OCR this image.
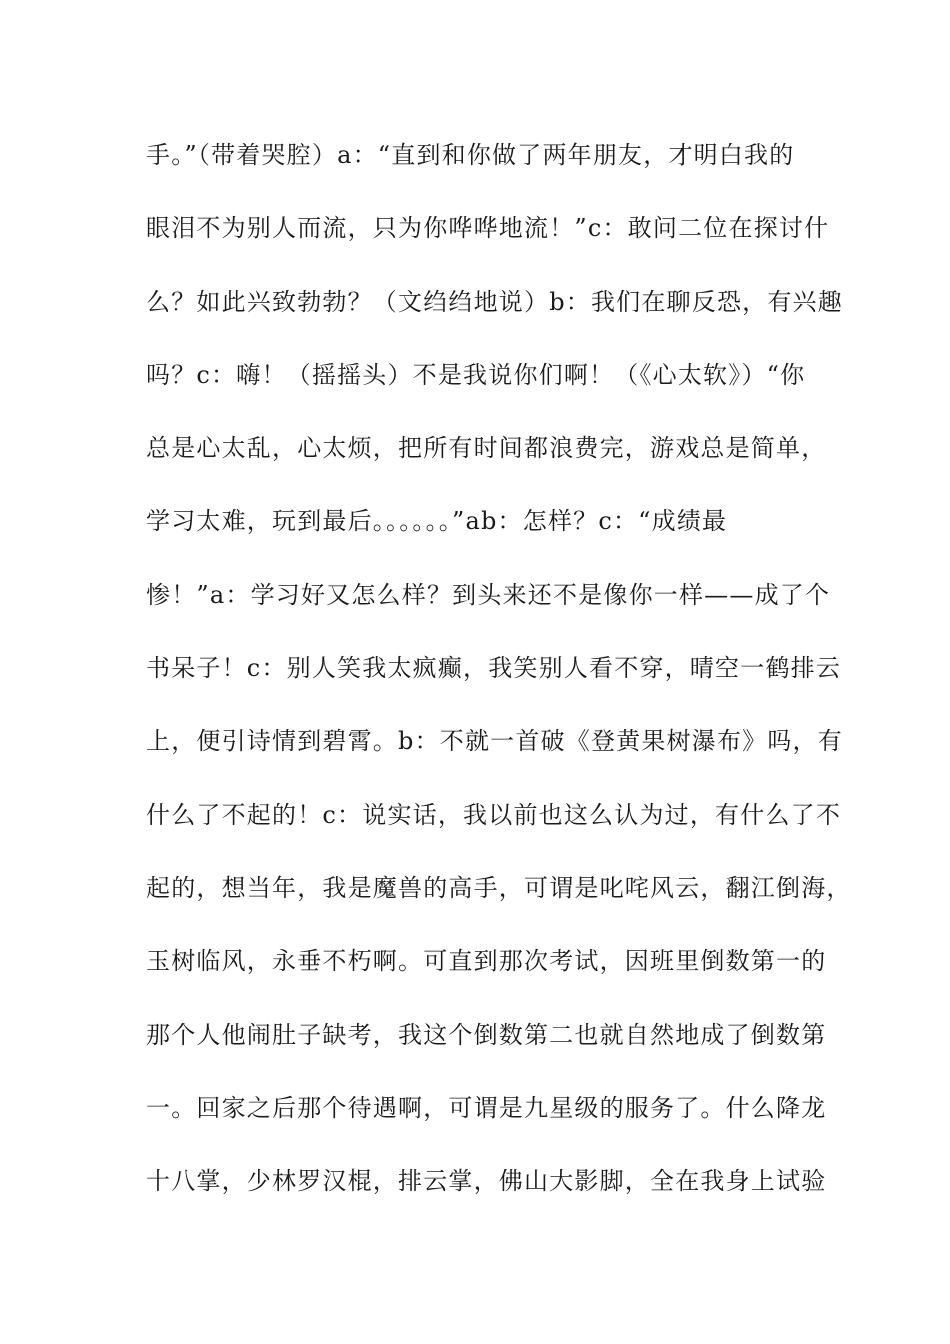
手。”（带着哭腔）a：“直到和你做了两年朋友，才明白我的
眼泪不为别人而流，只为你哗哗地流！”c：敢问二位在探讨什
么？如此兴致勃勃？（文绉绉地说）b：我们在聊反恐，有兴趣
吗？c：嗨！（摇摇头）不是我说你们啊！（《心太软》）“你
总是心太乱，心太烦，把所有时间都浪费完，游戏总是简单，
学习太难，玩到最后。。。。。。”ab：怎样？c：“成绩最
惨！”a：学习好又怎么样？到头来还不是像你一样——成了个
书呆子！c：别人笑我太疯癫，我笑别人看不穿，晴空一鹤排云
上，便引诗情到碧霄。b：不就一首破《登黄果树瀑布》吗，有
什么了不起的！c：说实话，我以前也这么认为过，有什么了不
起的，想当年，我是魔兽的高手，可谓是叱咤风云，翻江倒海，
玉树临风，永垂不朽啊。可直到那次考试，因班里倒数第一的
那个人他闹肚子缺考，我这个倒数第二也就自然地成了倒数第
一。回家之后那个待遇啊，可谓是九星级的服务了。什么降龙
十八掌，少林罗汉棍，排云掌，佛山大影脚，全在我身上试验
